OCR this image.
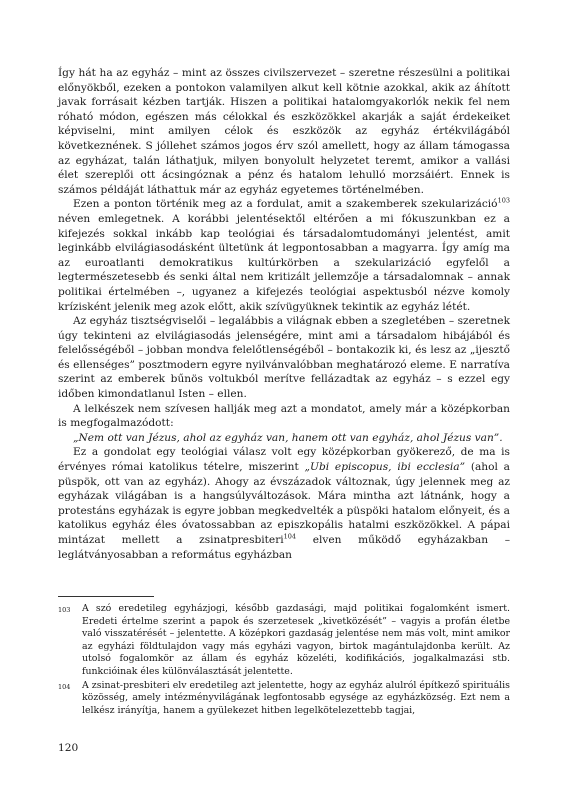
Így hát ha az egyház – mint az összes civilszervezet – szeretne részesülni a politikai előnyökből, ezeken a pontokon valamilyen alkut kell kötnie azokkal, akik az áhított javak forrásait kézben tartják. Hiszen a politikai hatalomgyakorlók nekik fel nem róható módon, egészen más célokkal és eszközökkel akarják a saját érdekeiket képviselni, mint amilyen célok és eszközök az egyház értékvilágából következnének. S jóllehet számos jogos érv szól amellett, hogy az állam támogassa az egyházat, talán láthatjuk, milyen bonyolult helyzetet teremt, amikor a vallási élet szereplői ott ácsingóznak a pénz és hatalom lehulló morzsáiért. Ennek is számos példáját láthattuk már az egyház egyetemes történelmében.

Ezen a ponton történik meg az a fordulat, amit a szakemberek szekularizáció$^{103}$ néven emlegetnek. A korábbi jelentésektől eltérően a mi fókuszunkban ez a kifejezés sokkal inkább kap teológiai és társadalomtudományi jelentést, amit leginkább elvilágiasodásként ültetünk át legpontosabban a magyarra. Így amíg ma az euroatlanti demokratikus kultúrkörben a szekularizáció egyfelől a legtermészetesebb és senki által nem kritizált jellemzője a társadalomnak – annak politikai értelmében –, ugyanez a kifejezés teológiai aspektusból nézve komoly krízisként jelenik meg azok előtt, akik szívügyüknek tekintik az egyház létét.

Az egyház tisztségviselői – legalábbis a világnak ebben a szegletében – szeretnek úgy tekinteni az elvilágiasodás jelenségére, mint ami a társadalom hibájából és felelősségéből – jobban mondva felelőtlenségéből – bontakozik ki, és lesz az „ijesztő és ellenséges” posztmodern egyre nyilvánvalóbban meghatározó eleme. E narratíva szerint az emberek bűnös voltukból merítve fellázadtak az egyház – s ezzel egy időben kimondatlanul Isten – ellen.

A lelkészek nem szívesen hallják meg azt a mondatot, amely már a középkorban is megfogalmazódott:

„Nem ott van Jézus, ahol az egyház van, hanem ott van egyház, ahol Jézus van”.

Ez a gondolat egy teológiai válasz volt egy középkorban gyökerező, de ma is érvényes római katolikus tételre, miszerint „Ubi episcopus, ibi ecclesia” (ahol a püspök, ott van az egyház). Ahogy az évszázadok változnak, úgy jelennek meg az egyházak világában is a hangsúlyváltozások. Mára mintha azt látnánk, hogy a protestáns egyházak is egyre jobban megkedvelték a püspöki hatalom előnyeit, és a katolikus egyház éles óvatossabban az episzkopális hatalmi eszközökkel. A pápai mintázat mellett a zsinatpresbiteri$^{104}$ elven működő egyházakban – leglátványosabban a református egyházban

103	A szó eredetileg egyházjogi, később gazdasági, majd politikai fogalomként ismert. Eredeti értelme szerint a papok és szerzetesek „kivetközését” – vagyis a profán életbe való visszatérését – jelentette. A középkori gazdaság jelentése nem más volt, mint amikor az egyházi földtulajdon vagy más egyházi vagyon, birtok magántulajdonba került. Az utolsó fogalomkör az állam és egyház közeléti, kodifikációs, jogalkalmazási stb. funkcióinak éles különválasztását jelentette.
104	A zsinat-presbiteri elv eredetileg azt jelentette, hogy az egyház alulról építkező spirituális közösség, amely intézményvilágának legfontosabb egysége az egyházközség. Ezt nem a lelkész irányítja, hanem a gyülekezet hitben legelkötelezettebb tagjai,
120
